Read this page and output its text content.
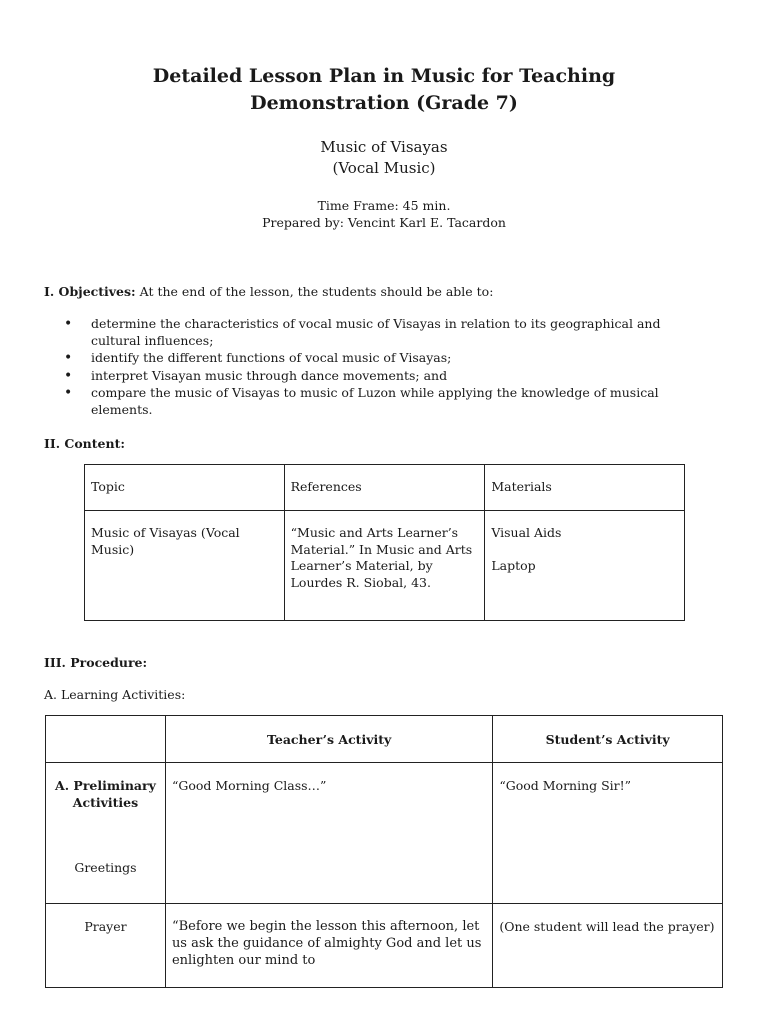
Detailed Lesson Plan in Music for Teaching
Demonstration (Grade 7)
Music of Visayas
(Vocal Music)
Time Frame: 45 min.
Prepared by: Vencint Karl E. Tacardon
I. Objectives: At the end of the lesson, the students should be able to:
• determine the characteristics of vocal music of Visayas in relation to its geographical and cultural influences;
• identify the different functions of vocal music of Visayas;
• interpret Visayan music through dance movements; and
• compare the music of Visayas to music of Luzon while applying the knowledge of musical elements.
II. Content:
Topic	References	Materials
Music of Visayas (Vocal Music)	“Music and Arts Learner’s Material.” In Music and Arts Learner’s Material, by Lourdes R. Siobal, 43.	Visual Aids
Laptop
III. Procedure:
A. Learning Activities:
	Teacher’s Activity	Student’s Activity

A. Preliminary Activities
Greetings	“Good Morning Class…”	“Good Morning Sir!”

Prayer	“Before we begin the lesson this afternoon, let us ask the guidance of almighty God and let us enlighten our mind to	(One student will lead the prayer)
